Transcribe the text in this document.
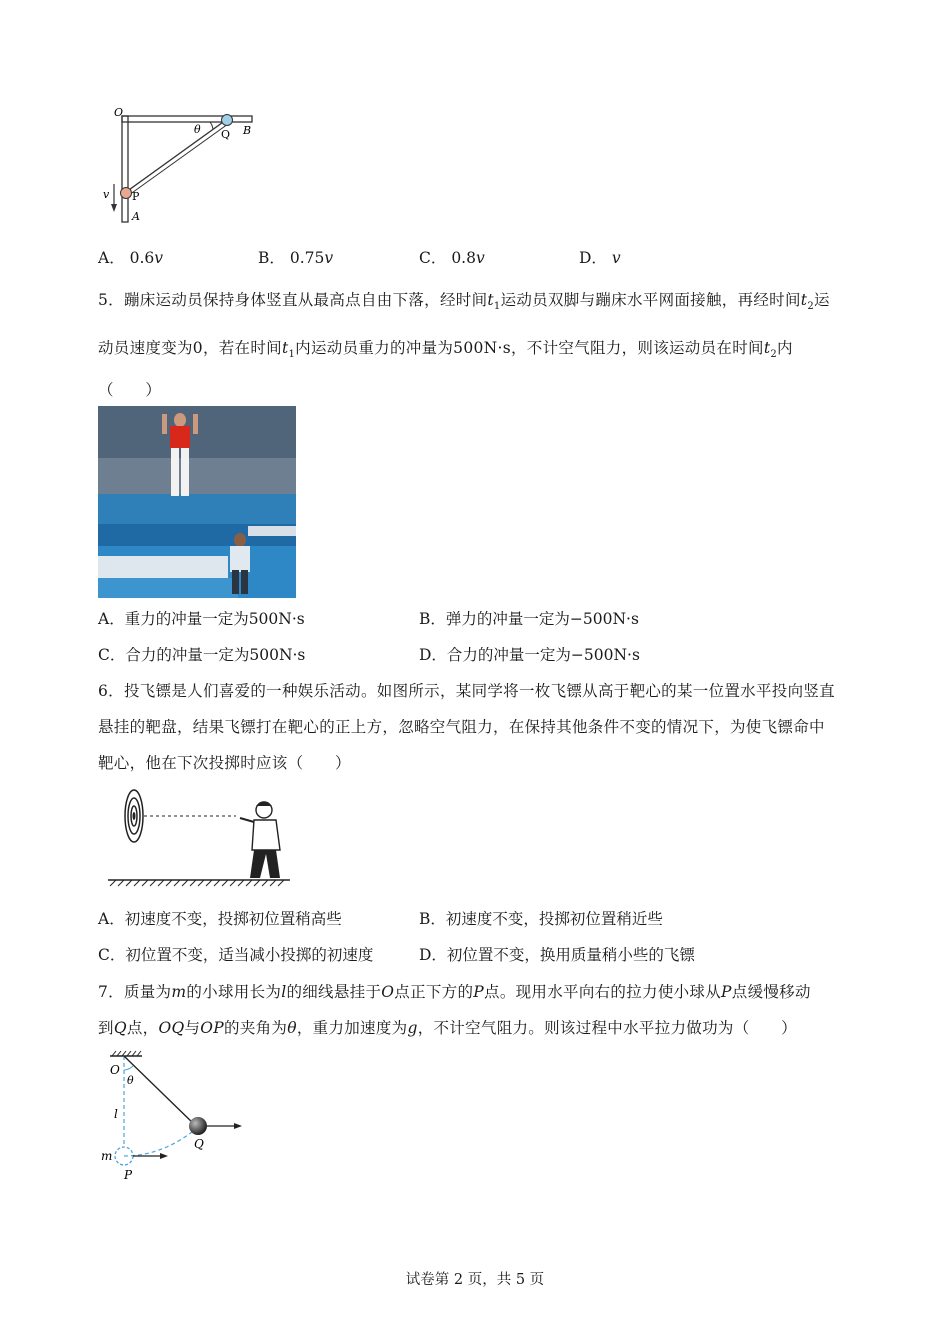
O
θ Q B
v P
A
A． 0.6v	B． 0.75v	C． 0.8v	D． v
5．蹦床运动员保持身体竖直从最高点自由下落，经时间$t_1$运动员双脚与蹦床水平网面接触，再经时间$t_2$运
动员速度变为0，若在时间$t_1$内运动员重力的冲量为500N·s，不计空气阻力，则该运动员在时间$t_2$内
（　　）
A．重力的冲量一定为500N·s	B．弹力的冲量一定为−500N·s
C．合力的冲量一定为500N·s	D．合力的冲量一定为−500N·s
6．投飞镖是人们喜爱的一种娱乐活动。如图所示，某同学将一枚飞镖从高于靶心的某一位置水平投向竖直
悬挂的靶盘，结果飞镖打在靶心的正上方，忽略空气阻力，在保持其他条件不变的情况下，为使飞镖命中
靶心，他在下次投掷时应该（　　）
A．初速度不变，投掷初位置稍高些	B．初速度不变，投掷初位置稍近些
C．初位置不变，适当减小投掷的初速度	D．初位置不变，换用质量稍小些的飞镖
7．质量为m的小球用长为l的细线悬挂于O点正下方的P点。现用水平向右的拉力使小球从P点缓慢移动
到Q点，OQ与OP的夹角为θ，重力加速度为g，不计空气阻力。则该过程中水平拉力做功为（　　）
O
θ
l
Q
m
P
试卷第 2 页，共 5 页
